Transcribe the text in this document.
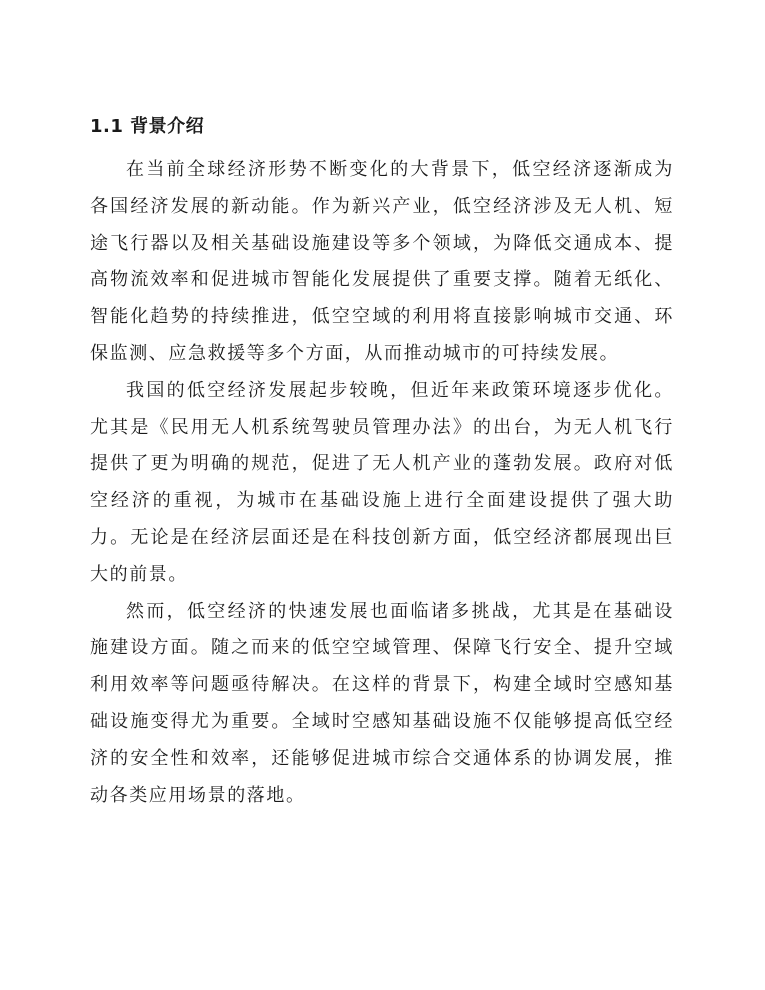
1.1 背景介绍

在当前全球经济形势不断变化的大背景下，低空经济逐渐成为各国经济发展的新动能。作为新兴产业，低空经济涉及无人机、短途飞行器以及相关基础设施建设等多个领域，为降低交通成本、提高物流效率和促进城市智能化发展提供了重要支撑。随着无纸化、智能化趋势的持续推进，低空空域的利用将直接影响城市交通、环保监测、应急救援等多个方面，从而推动城市的可持续发展。

我国的低空经济发展起步较晚，但近年来政策环境逐步优化。尤其是《民用无人机系统驾驶员管理办法》的出台，为无人机飞行提供了更为明确的规范，促进了无人机产业的蓬勃发展。政府对低空经济的重视，为城市在基础设施上进行全面建设提供了强大助力。无论是在经济层面还是在科技创新方面，低空经济都展现出巨大的前景。

然而，低空经济的快速发展也面临诸多挑战，尤其是在基础设施建设方面。随之而来的低空空域管理、保障飞行安全、提升空域利用效率等问题亟待解决。在这样的背景下，构建全域时空感知基础设施变得尤为重要。全域时空感知基础设施不仅能够提高低空经济的安全性和效率，还能够促进城市综合交通体系的协调发展，推动各类应用场景的落地。
